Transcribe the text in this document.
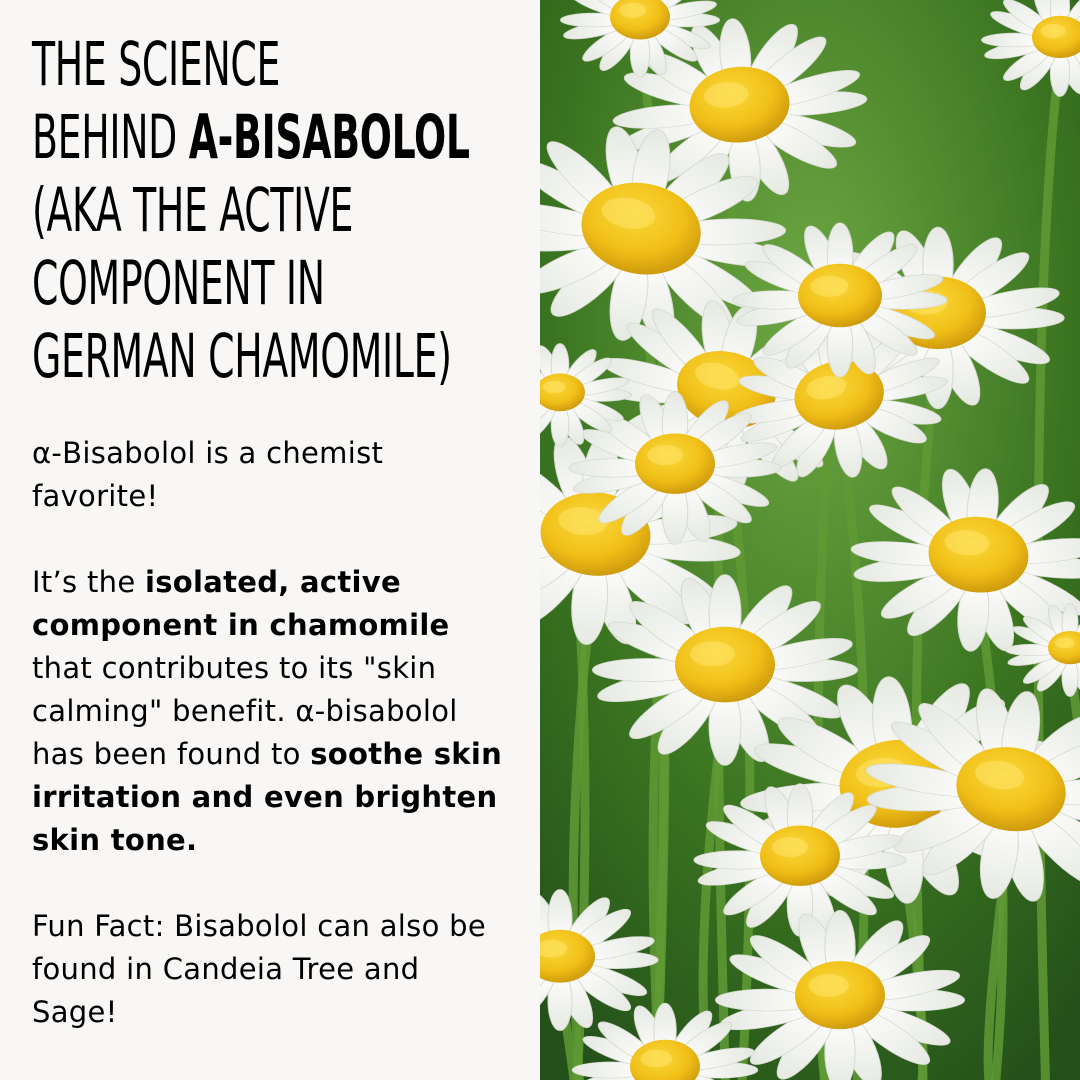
THE SCIENCE
BEHIND Α-BISABOLOL
(AKA THE ACTIVE
COMPONENT IN
GERMAN CHAMOMILE)

α-Bisabolol is a chemist favorite!

It’s the isolated, active component in chamomile that contributes to its "skin calming" benefit. α-bisabolol has been found to soothe skin irritation and even brighten skin tone.

Fun Fact: Bisabolol can also be found in Candeia Tree and Sage!
